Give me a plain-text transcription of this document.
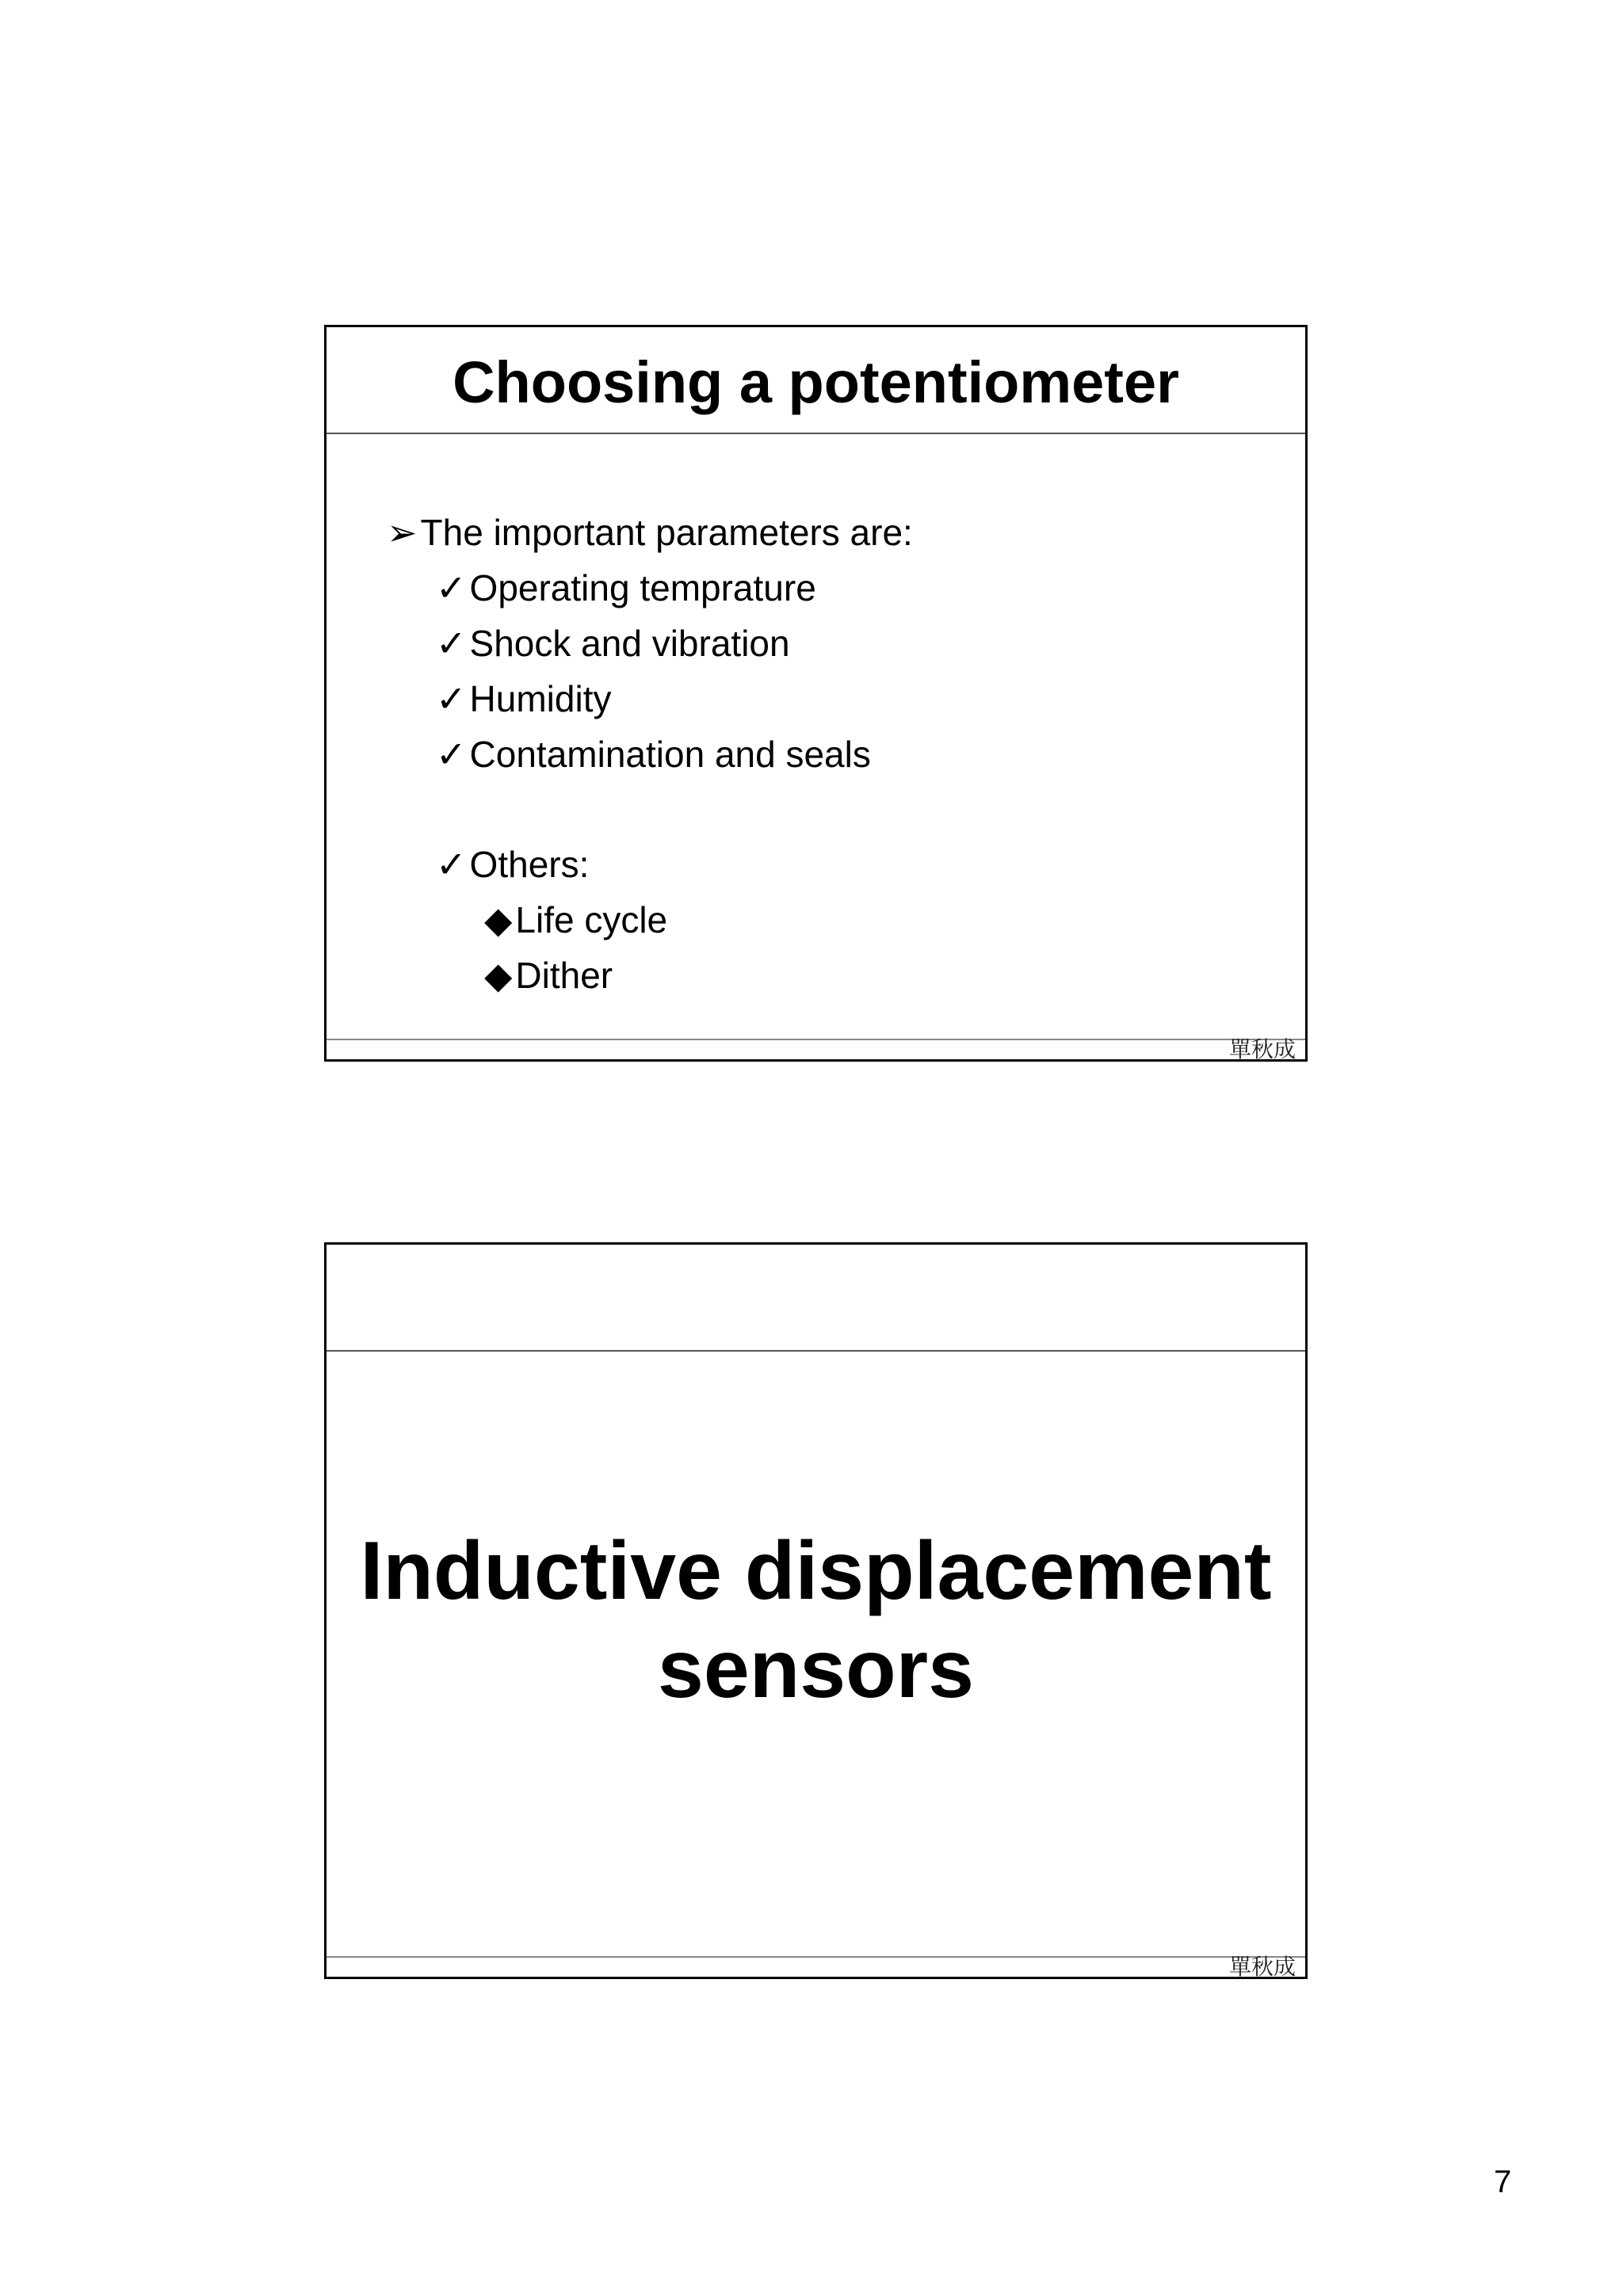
Choosing a potentiometer
➢The important parameters are:
✓Operating temprature
✓Shock and vibration
✓Humidity
✓Contamination and seals
✓Others:
◆Life cycle
◆Dither
單秋成
Inductive displacement
sensors
單秋成
7
